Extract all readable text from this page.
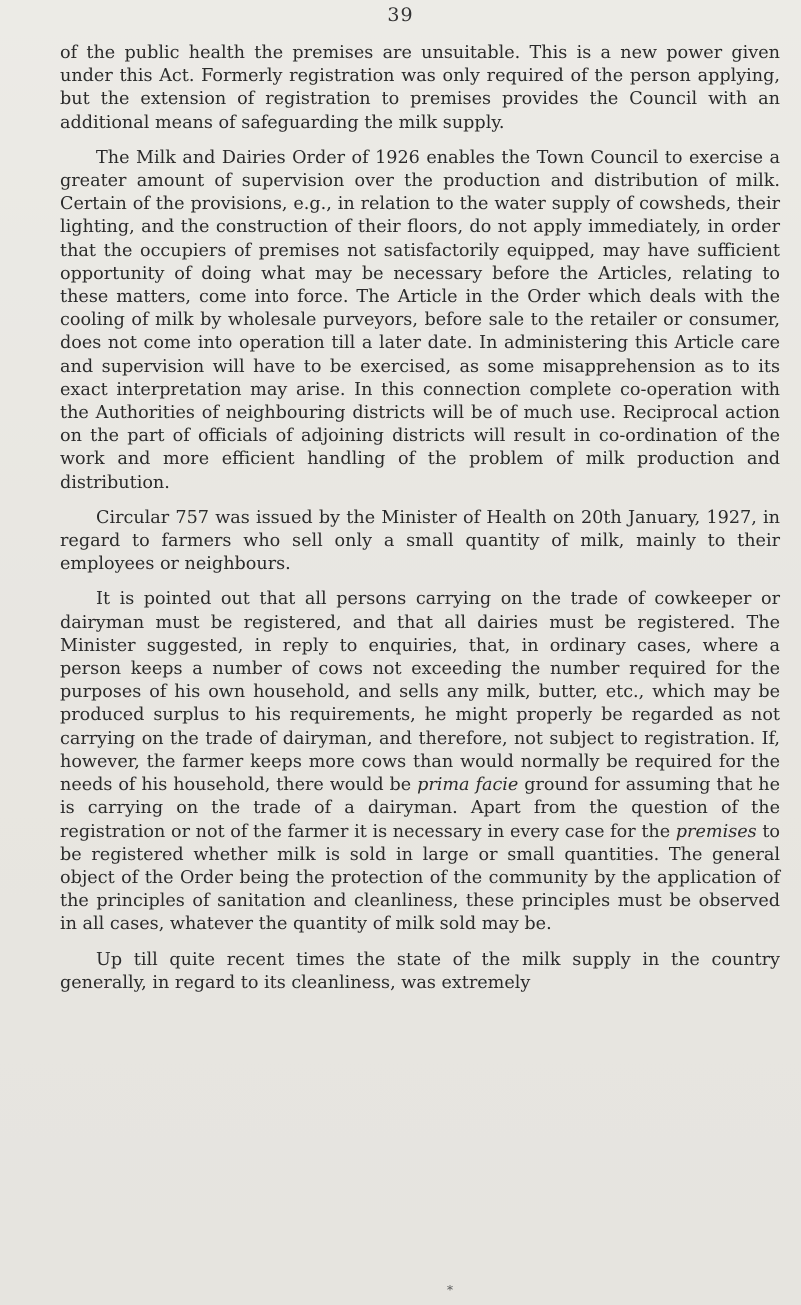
39

of the public health the premises are unsuitable. This is a new power given under this Act. Formerly registration was only required of the person applying, but the extension of registration to premises provides the Council with an additional means of safeguarding the milk supply.

The Milk and Dairies Order of 1926 enables the Town Council to exercise a greater amount of supervision over the production and distribution of milk. Certain of the provisions, e.g., in relation to the water supply of cowsheds, their lighting, and the construction of their floors, do not apply immediately, in order that the occupiers of premises not satisfactorily equipped, may have sufficient opportunity of doing what may be necessary before the Articles, relating to these matters, come into force. The Article in the Order which deals with the cooling of milk by wholesale purveyors, before sale to the retailer or consumer, does not come into operation till a later date. In administering this Article care and supervision will have to be exercised, as some misapprehension as to its exact interpretation may arise. In this connection complete co-operation with the Authorities of neighbouring districts will be of much use. Reciprocal action on the part of officials of adjoining districts will result in co-ordination of the work and more efficient handling of the problem of milk production and distribution.

Circular 757 was issued by the Minister of Health on 20th January, 1927, in regard to farmers who sell only a small quantity of milk, mainly to their employees or neighbours.

It is pointed out that all persons carrying on the trade of cowkeeper or dairyman must be registered, and that all dairies must be registered. The Minister suggested, in reply to enquiries, that, in ordinary cases, where a person keeps a number of cows not exceeding the number required for the purposes of his own household, and sells any milk, butter, etc., which may be produced surplus to his requirements, he might properly be regarded as not carrying on the trade of dairyman, and therefore, not subject to registration. If, however, the farmer keeps more cows than would normally be required for the needs of his household, there would be prima facie ground for assuming that he is carrying on the trade of a dairyman. Apart from the question of the registration or not of the farmer it is necessary in every case for the premises to be registered whether milk is sold in large or small quantities. The general object of the Order being the protection of the community by the application of the principles of sanitation and cleanliness, these principles must be observed in all cases, whatever the quantity of milk sold may be.

Up till quite recent times the state of the milk supply in the country generally, in regard to its cleanliness, was extremely

*
